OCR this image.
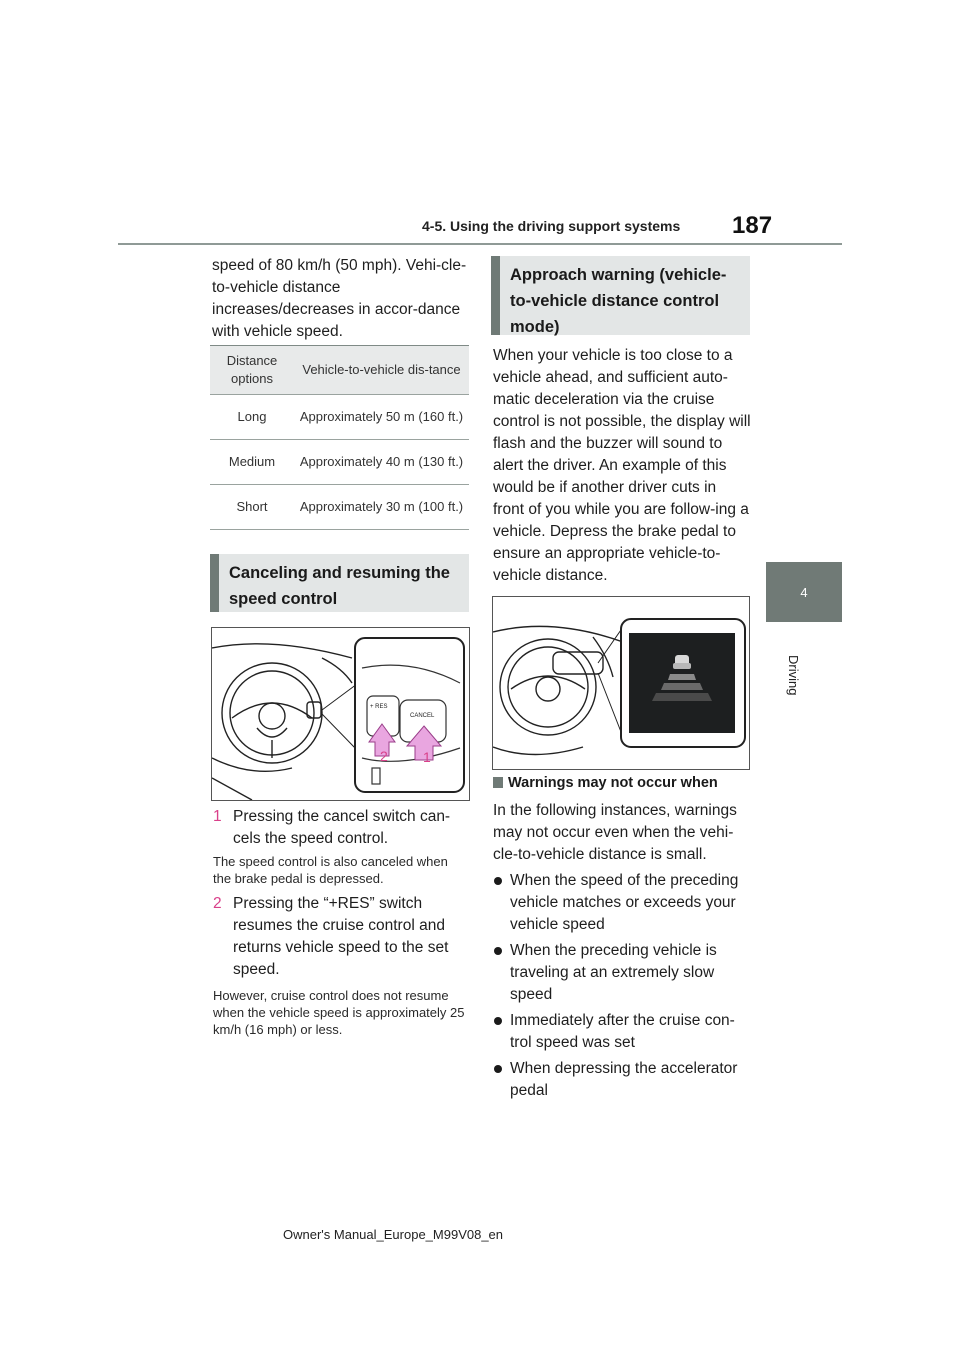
4-5. Using the driving support systems 187
4
Driving
speed of 80 km/h (50 mph). Vehi-cle-to-vehicle distance increases/decreases in accor-dance with vehicle speed.
Distance options	Vehicle-to-vehicle dis-tance
Long	Approximately 50 m (160 ft.)
Medium	Approximately 40 m (130 ft.)
Short	Approximately 30 m (100 ft.)
Canceling and resuming the speed control
+ RES
CANCEL
2	1
1 Pressing the cancel switch can-cels the speed control.
The speed control is also canceled when the brake pedal is depressed.
2 Pressing the “+RES” switch resumes the cruise control and returns vehicle speed to the set speed.
However, cruise control does not resume when the vehicle speed is approximately 25 km/h (16 mph) or less.
Approach warning (vehicle-to-vehicle distance control mode)
When your vehicle is too close to a vehicle ahead, and sufficient auto-matic deceleration via the cruise control is not possible, the display will flash and the buzzer will sound to alert the driver. An example of this would be if another driver cuts in front of you while you are follow-ing a vehicle. Depress the brake pedal to ensure an appropriate vehicle-to-vehicle distance.
Warnings may not occur when
In the following instances, warnings may not occur even when the vehi-cle-to-vehicle distance is small.
When the speed of the preceding vehicle matches or exceeds your vehicle speed
When the preceding vehicle is traveling at an extremely slow speed
Immediately after the cruise con-trol speed was set
When depressing the accelerator pedal
Owner's Manual_Europe_M99V08_en
